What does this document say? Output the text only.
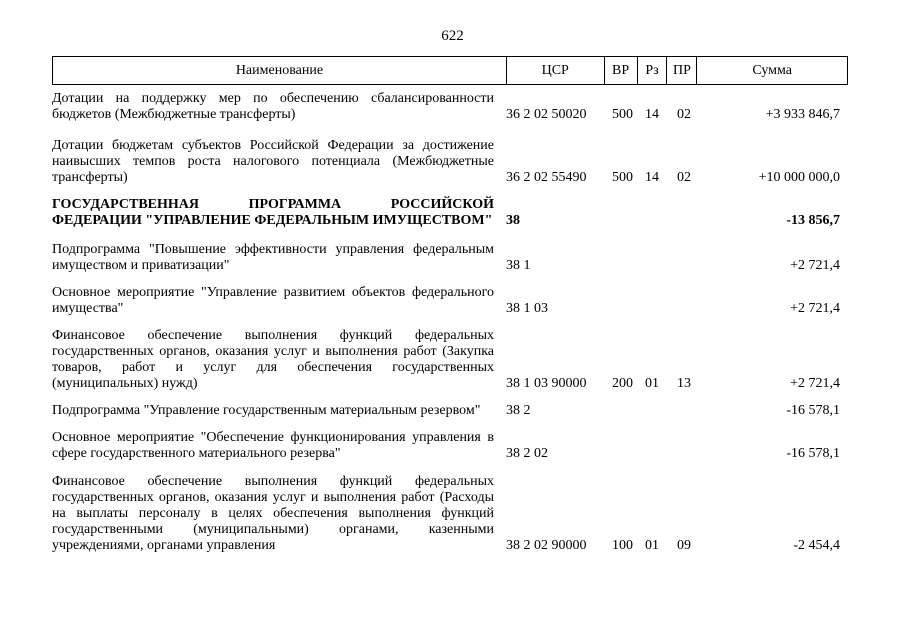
622
Наименование	ЦСР	ВР	Рз	ПР	Сумма
Дотации на поддержку мер по обеспечению сбалансированности бюджетов (Межбюджетные трансферты)	36 2 02 50020	500 14	02	+3 933 846,7
Дотации бюджетам субъектов Российской Федерации за достижение наивысших темпов роста налогового потенциала (Межбюджетные трансферты)	36 2 02 55490	500 14	02	+10 000 000,0
ГОСУДАРСТВЕННАЯ ПРОГРАММА РОССИЙСКОЙ ФЕДЕРАЦИИ "УПРАВЛЕНИЕ ФЕДЕРАЛЬНЫМ ИМУЩЕСТВОМ" 38	-13 856,7
Подпрограмма "Повышение эффективности управления федеральным имуществом и приватизации"	38 1	+2 721,4
Основное мероприятие "Управление развитием объектов федерального имущества"	38 1 03	+2 721,4
Финансовое обеспечение выполнения функций федеральных государственных органов, оказания услуг и выполнения работ (Закупка товаров, работ и услуг для обеспечения государственных (муниципальных) нужд)	38 1 03 90000	200 01	13	+2 721,4
Подпрограмма "Управление государственным материальным резервом"	38 2	-16 578,1
Основное мероприятие "Обеспечение функционирования управления в сфере государственного материального резерва"	38 2 02	-16 578,1
Финансовое обеспечение выполнения функций федеральных государственных органов, оказания услуг и выполнения работ (Расходы на выплаты персоналу в целях обеспечения выполнения функций государственными (муниципальными) органами, казенными учреждениями, органами управления	38 2 02 90000	100 01	09	-2 454,4
